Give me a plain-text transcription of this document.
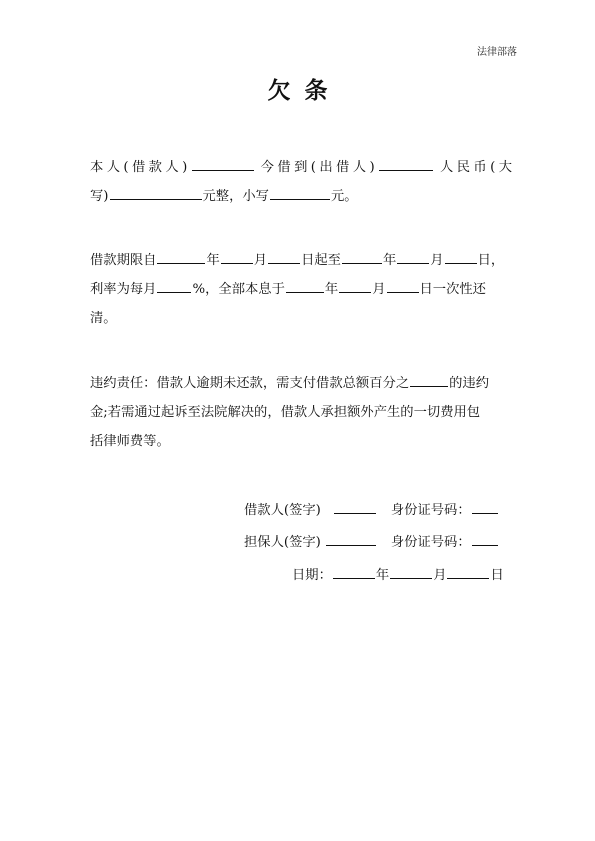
法律部落
欠条
本人(借款人)	今借到(出借人)	人民币(大
写)	元整，小写	元。
借款期限自	年	月	日起至	年	月	日，
利率为每月	%，全部本息于	年	月	日一次性还
清。
违约责任：借款人逾期未还款，需支付借款总额百分之	的违约
金;若需通过起诉至法院解决的，借款人承担额外产生的一切费用包
括律师费等。
借款人(签字)	身份证号码：
担保人(签字)	身份证号码：
日期：	年	月	日
